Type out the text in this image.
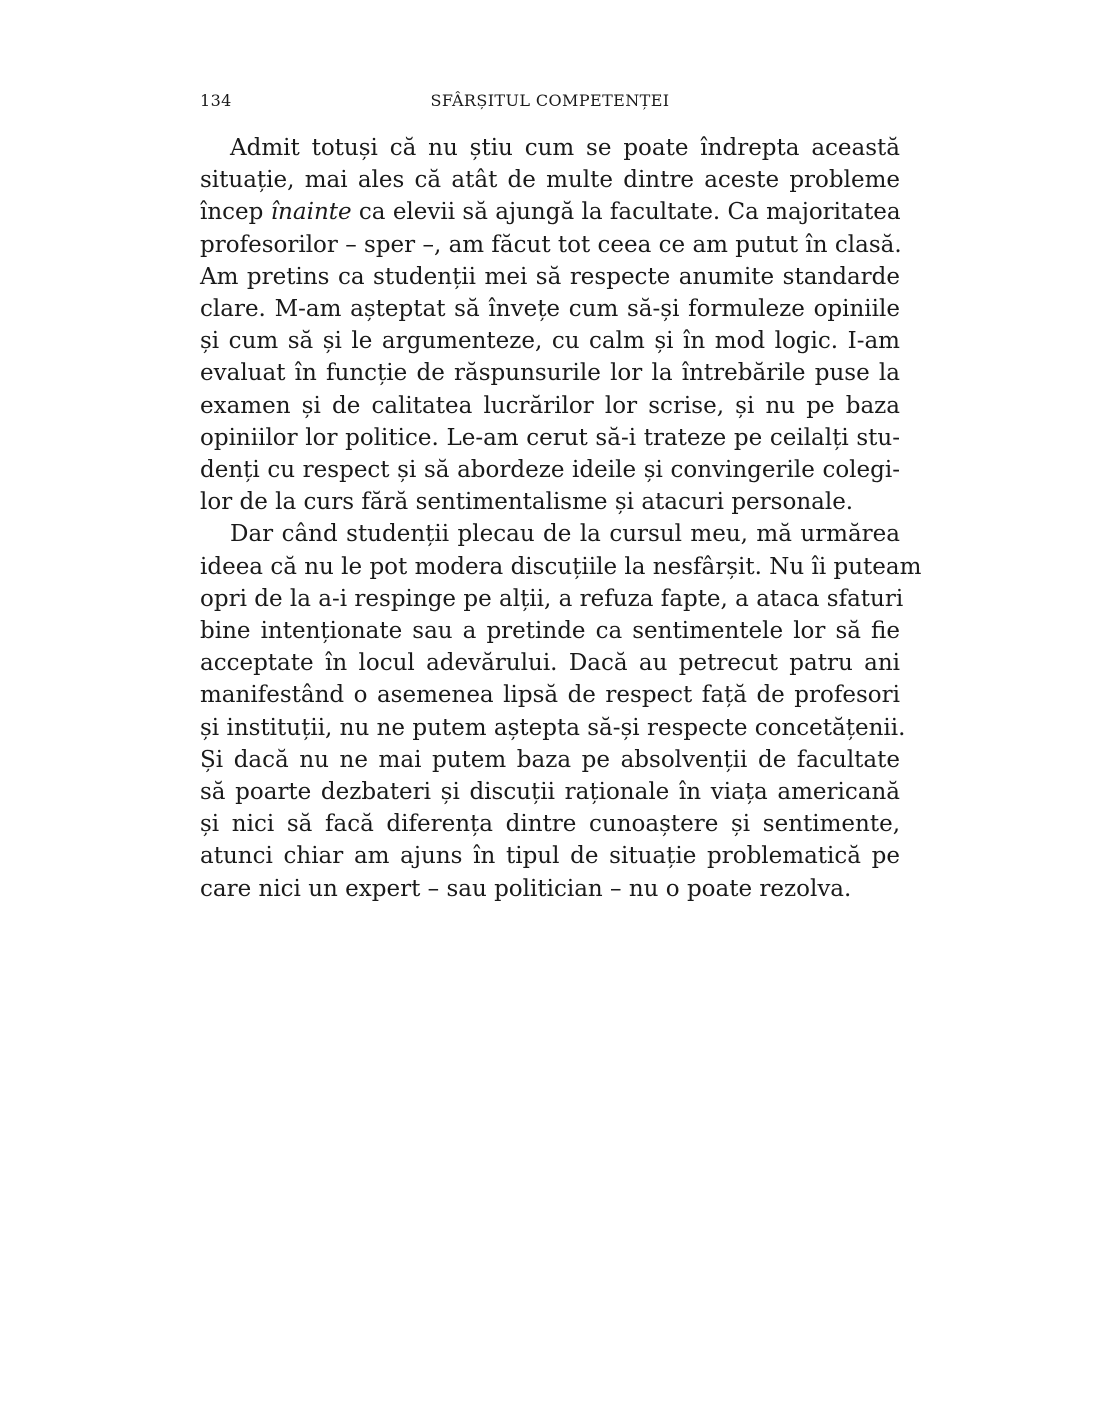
134	SFÂRȘITUL COMPETENȚEI
Admit totuși că nu știu cum se poate îndrepta această
situație, mai ales că atât de multe dintre aceste probleme
încep înainte ca elevii să ajungă la facultate. Ca majoritatea
profesorilor – sper –, am făcut tot ceea ce am putut în clasă.
Am pretins ca studenții mei să respecte anumite standarde
clare. M-am așteptat să învețe cum să-și formuleze opiniile
și cum să și le argumenteze, cu calm și în mod logic. I-am
evaluat în funcție de răspunsurile lor la întrebările puse la
examen și de calitatea lucrărilor lor scrise, și nu pe baza
opiniilor lor politice. Le-am cerut să-i trateze pe ceilalți stu-
denți cu respect și să abordeze ideile și convingerile colegi-
lor de la curs fără sentimentalisme și atacuri personale.
Dar când studenții plecau de la cursul meu, mă urmărea
ideea că nu le pot modera discuțiile la nesfârșit. Nu îi puteam
opri de la a-i respinge pe alții, a refuza fapte, a ataca sfaturi
bine intenționate sau a pretinde ca sentimentele lor să fie
acceptate în locul adevărului. Dacă au petrecut patru ani
manifestând o asemenea lipsă de respect față de profesori
și instituții, nu ne putem aștepta să-și respecte concetățenii.
Și dacă nu ne mai putem baza pe absolvenții de facultate
să poarte dezbateri și discuții raționale în viața americană
și nici să facă diferența dintre cunoaștere și sentimente,
atunci chiar am ajuns în tipul de situație problematică pe
care nici un expert – sau politician – nu o poate rezolva.
